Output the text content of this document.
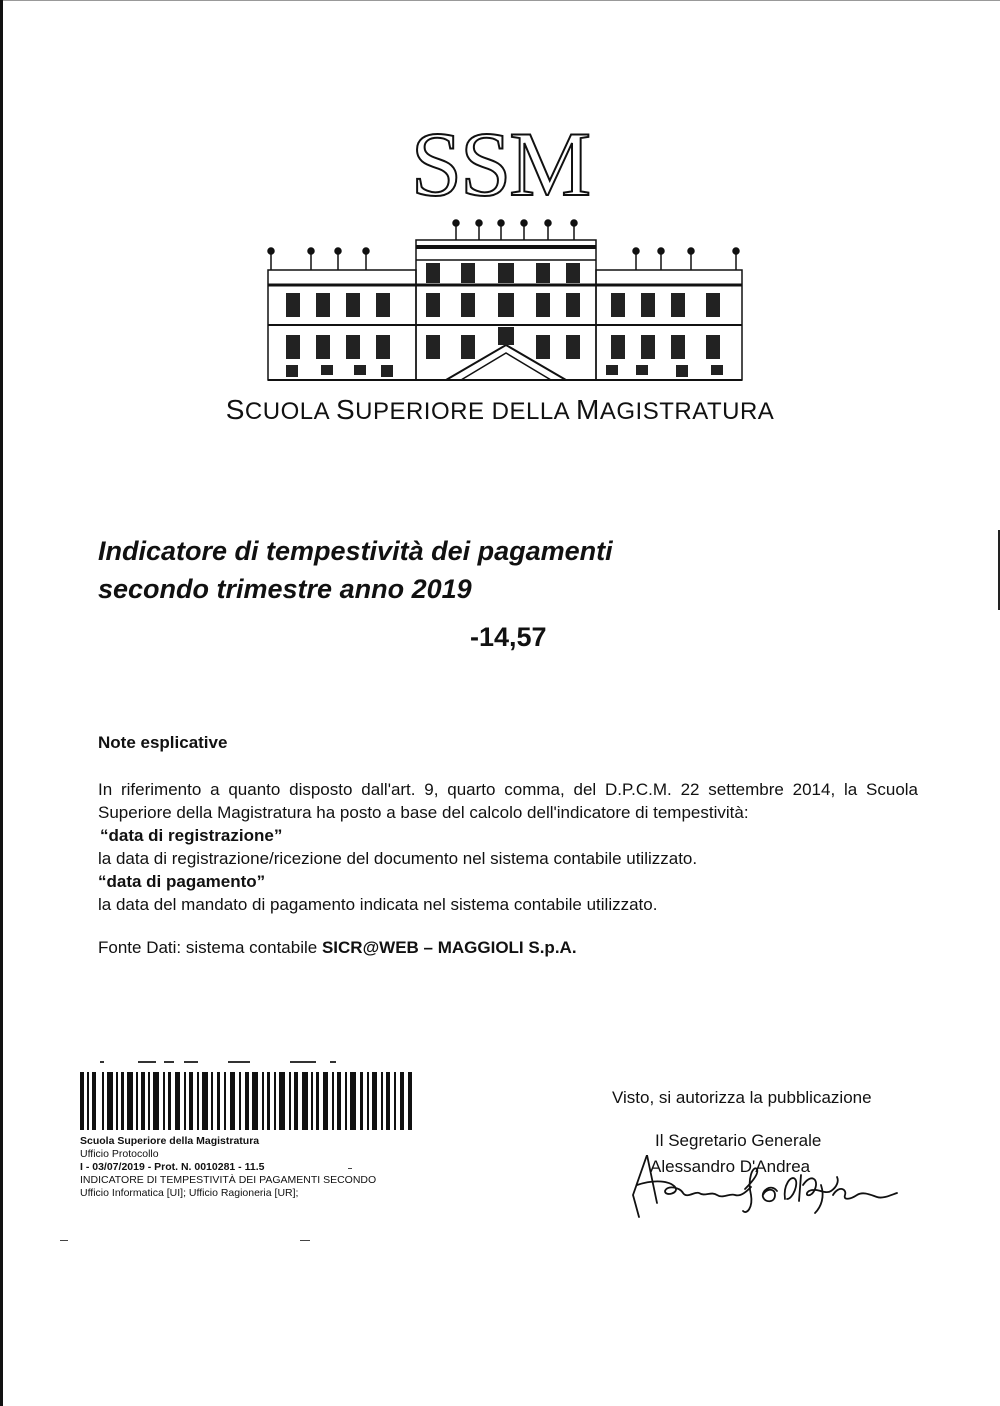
SSM
SCUOLA SUPERIORE DELLA MAGISTRATURA
Indicatore di tempestività dei pagamenti
secondo trimestre anno 2019
-14,57
Note esplicative

In riferimento a quanto disposto dall'art. 9, quarto comma, del D.P.C.M. 22 settembre 2014, la Scuola

Superiore della Magistratura ha posto a base del calcolo dell'indicatore di tempestività:

“data di registrazione”

la data di registrazione/ricezione del documento nel sistema contabile utilizzato.

“data di pagamento”

la data del mandato di pagamento indicata nel sistema contabile utilizzato.

Fonte Dati: sistema contabile SICR@WEB – MAGGIOLI S.p.A.
Scuola Superiore della Magistratura
Ufficio Protocollo
I - 03/07/2019 - Prot. N. 0010281 - 11.5
INDICATORE DI TEMPESTIVITÀ DEI PAGAMENTI SECONDO
Ufficio Informatica [UI]; Ufficio Ragioneria [UR];
Visto, si autorizza la pubblicazione
Il Segretario Generale
Alessandro D'Andrea
